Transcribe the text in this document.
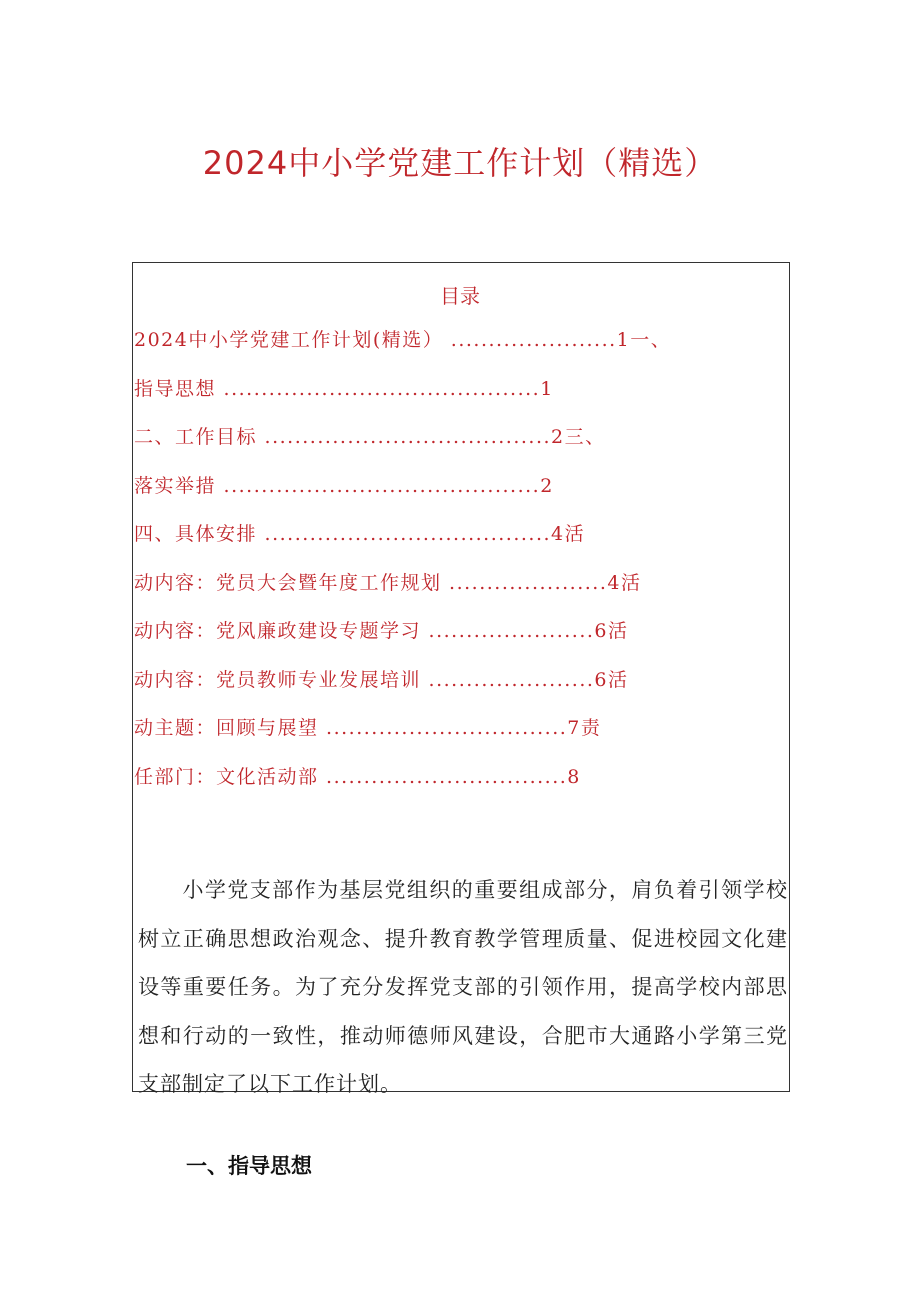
2024中小学党建工作计划（精选）
目录
2024中小学党建工作计划(精选） ......................1一、
指导思想 ..........................................1
二、工作目标 ......................................2三、
落实举措 ..........................................2
四、具体安排 ......................................4活
动内容：党员大会暨年度工作规划 .....................4活
动内容：党风廉政建设专题学习 ......................6活
动内容：党员教师专业发展培训 ......................6活
动主题：回顾与展望 ................................7责
任部门：文化活动部 ................................8
小学党支部作为基层党组织的重要组成部分，肩负着引领学校树立正确思想政治观念、提升教育教学管理质量、促进校园文化建设等重要任务。为了充分发挥党支部的引领作用，提高学校内部思想和行动的一致性，推动师德师风建设，合肥市大通路小学第三党支部制定了以下工作计划。
一、指导思想
